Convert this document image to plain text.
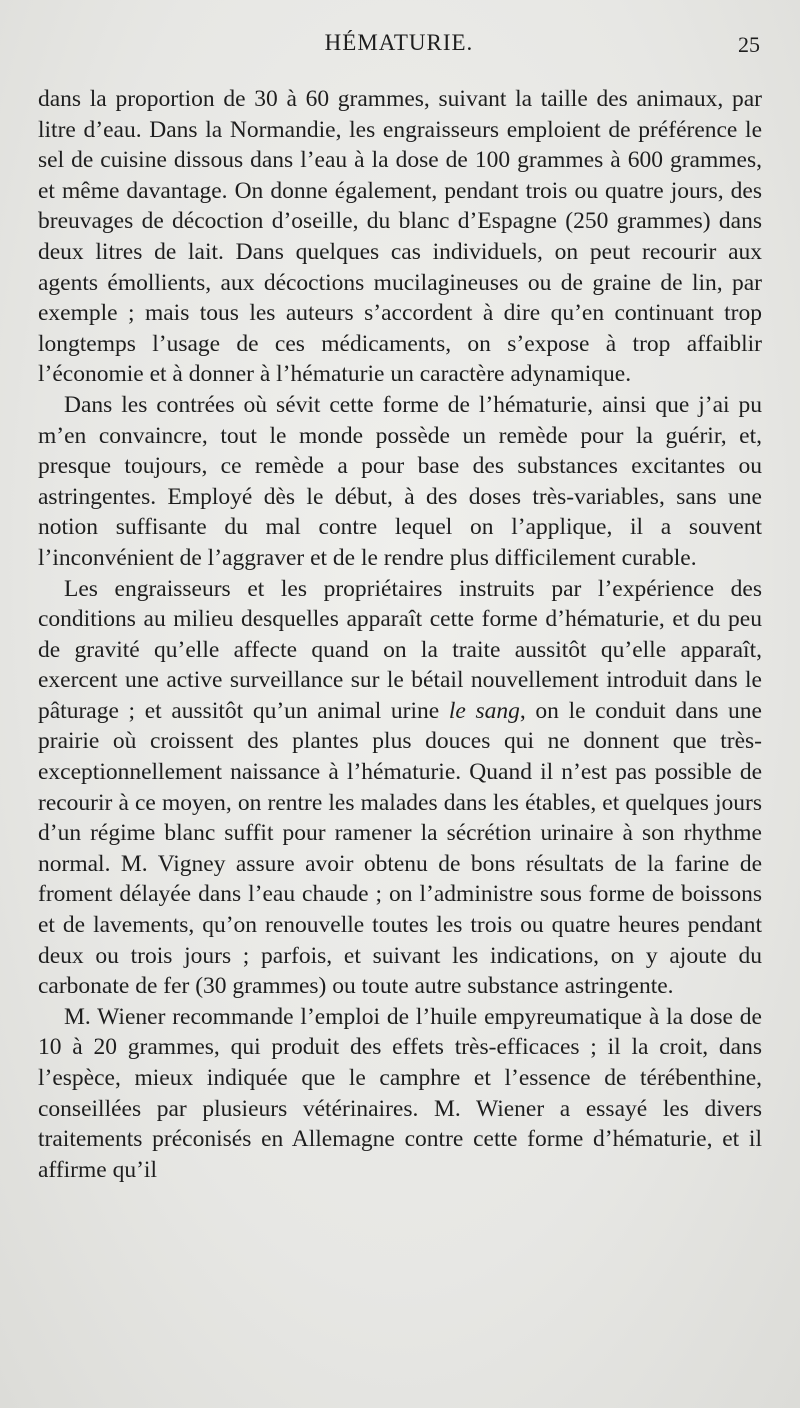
HÉMATURIE.	25

dans la proportion de 30 à 60 grammes, suivant la taille des animaux, par litre d’eau. Dans la Normandie, les engraisseurs emploient de préférence le sel de cuisine dissous dans l’eau à la dose de 100 grammes à 600 grammes, et même davantage. On donne également, pendant trois ou quatre jours, des breuvages de décoction d’oseille, du blanc d’Espagne (250 grammes) dans deux litres de lait. Dans quelques cas individuels, on peut recourir aux agents émollients, aux décoctions mucilagineuses ou de graine de lin, par exemple ; mais tous les auteurs s’accordent à dire qu’en continuant trop longtemps l’usage de ces médicaments, on s’expose à trop affaiblir l’économie et à donner à l’hématurie un caractère adynamique.

Dans les contrées où sévit cette forme de l’hématurie, ainsi que j’ai pu m’en convaincre, tout le monde possède un remède pour la guérir, et, presque toujours, ce remède a pour base des substances excitantes ou astringentes. Employé dès le début, à des doses très-variables, sans une notion suffisante du mal contre lequel on l’applique, il a souvent l’inconvénient de l’aggraver et de le rendre plus difficilement curable.

Les engraisseurs et les propriétaires instruits par l’expérience des conditions au milieu desquelles apparaît cette forme d’hématurie, et du peu de gravité qu’elle affecte quand on la traite aussitôt qu’elle apparaît, exercent une active surveillance sur le bétail nouvellement introduit dans le pâturage ; et aussitôt qu’un animal urine le sang, on le conduit dans une prairie où croissent des plantes plus douces qui ne donnent que très-exceptionnellement naissance à l’hématurie. Quand il n’est pas possible de recourir à ce moyen, on rentre les malades dans les étables, et quelques jours d’un régime blanc suffit pour ramener la sécrétion urinaire à son rhythme normal. M. Vigney assure avoir obtenu de bons résultats de la farine de froment délayée dans l’eau chaude ; on l’administre sous forme de boissons et de lavements, qu’on renouvelle toutes les trois ou quatre heures pendant deux ou trois jours ; parfois, et suivant les indications, on y ajoute du carbonate de fer (30 grammes) ou toute autre substance astringente.

M. Wiener recommande l’emploi de l’huile empyreumatique à la dose de 10 à 20 grammes, qui produit des effets très-efficaces ; il la croit, dans l’espèce, mieux indiquée que le camphre et l’essence de térébenthine, conseillées par plusieurs vétérinaires. M. Wiener a essayé les divers traitements préconisés en Allemagne contre cette forme d’hématurie, et il affirme qu’il
